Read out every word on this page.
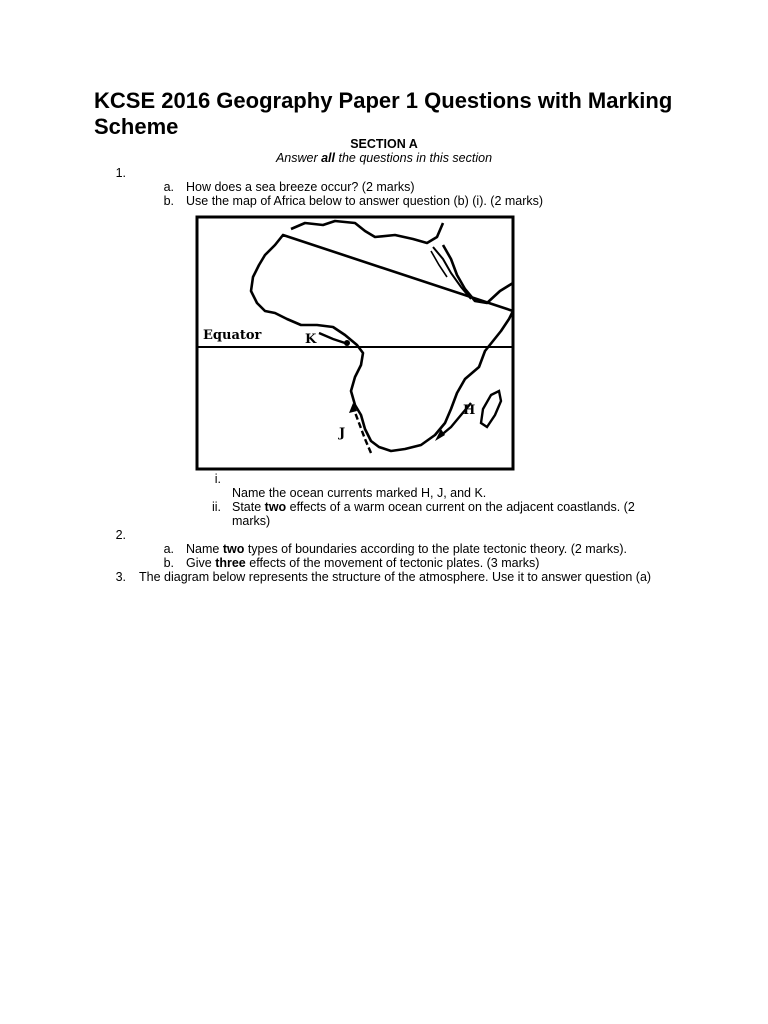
KCSE 2016 Geography Paper 1 Questions with Marking Scheme
SECTION A
Answer all the questions in this section
1.
a. How does a sea breeze occur? (2 marks)
b. Use the map of Africa below to answer question (b) (i). (2 marks)
Equator	K
H
J
i.
Name the ocean currents marked H, J, and K.
ii. State two effects of a warm ocean current on the adjacent coastlands. (2
marks)
2.
a. Name two types of boundaries according to the plate tectonic theory. (2 marks).
b. Give three effects of the movement of tectonic plates. (3 marks)
3. The diagram below represents the structure of the atmosphere. Use it to answer question (a)
